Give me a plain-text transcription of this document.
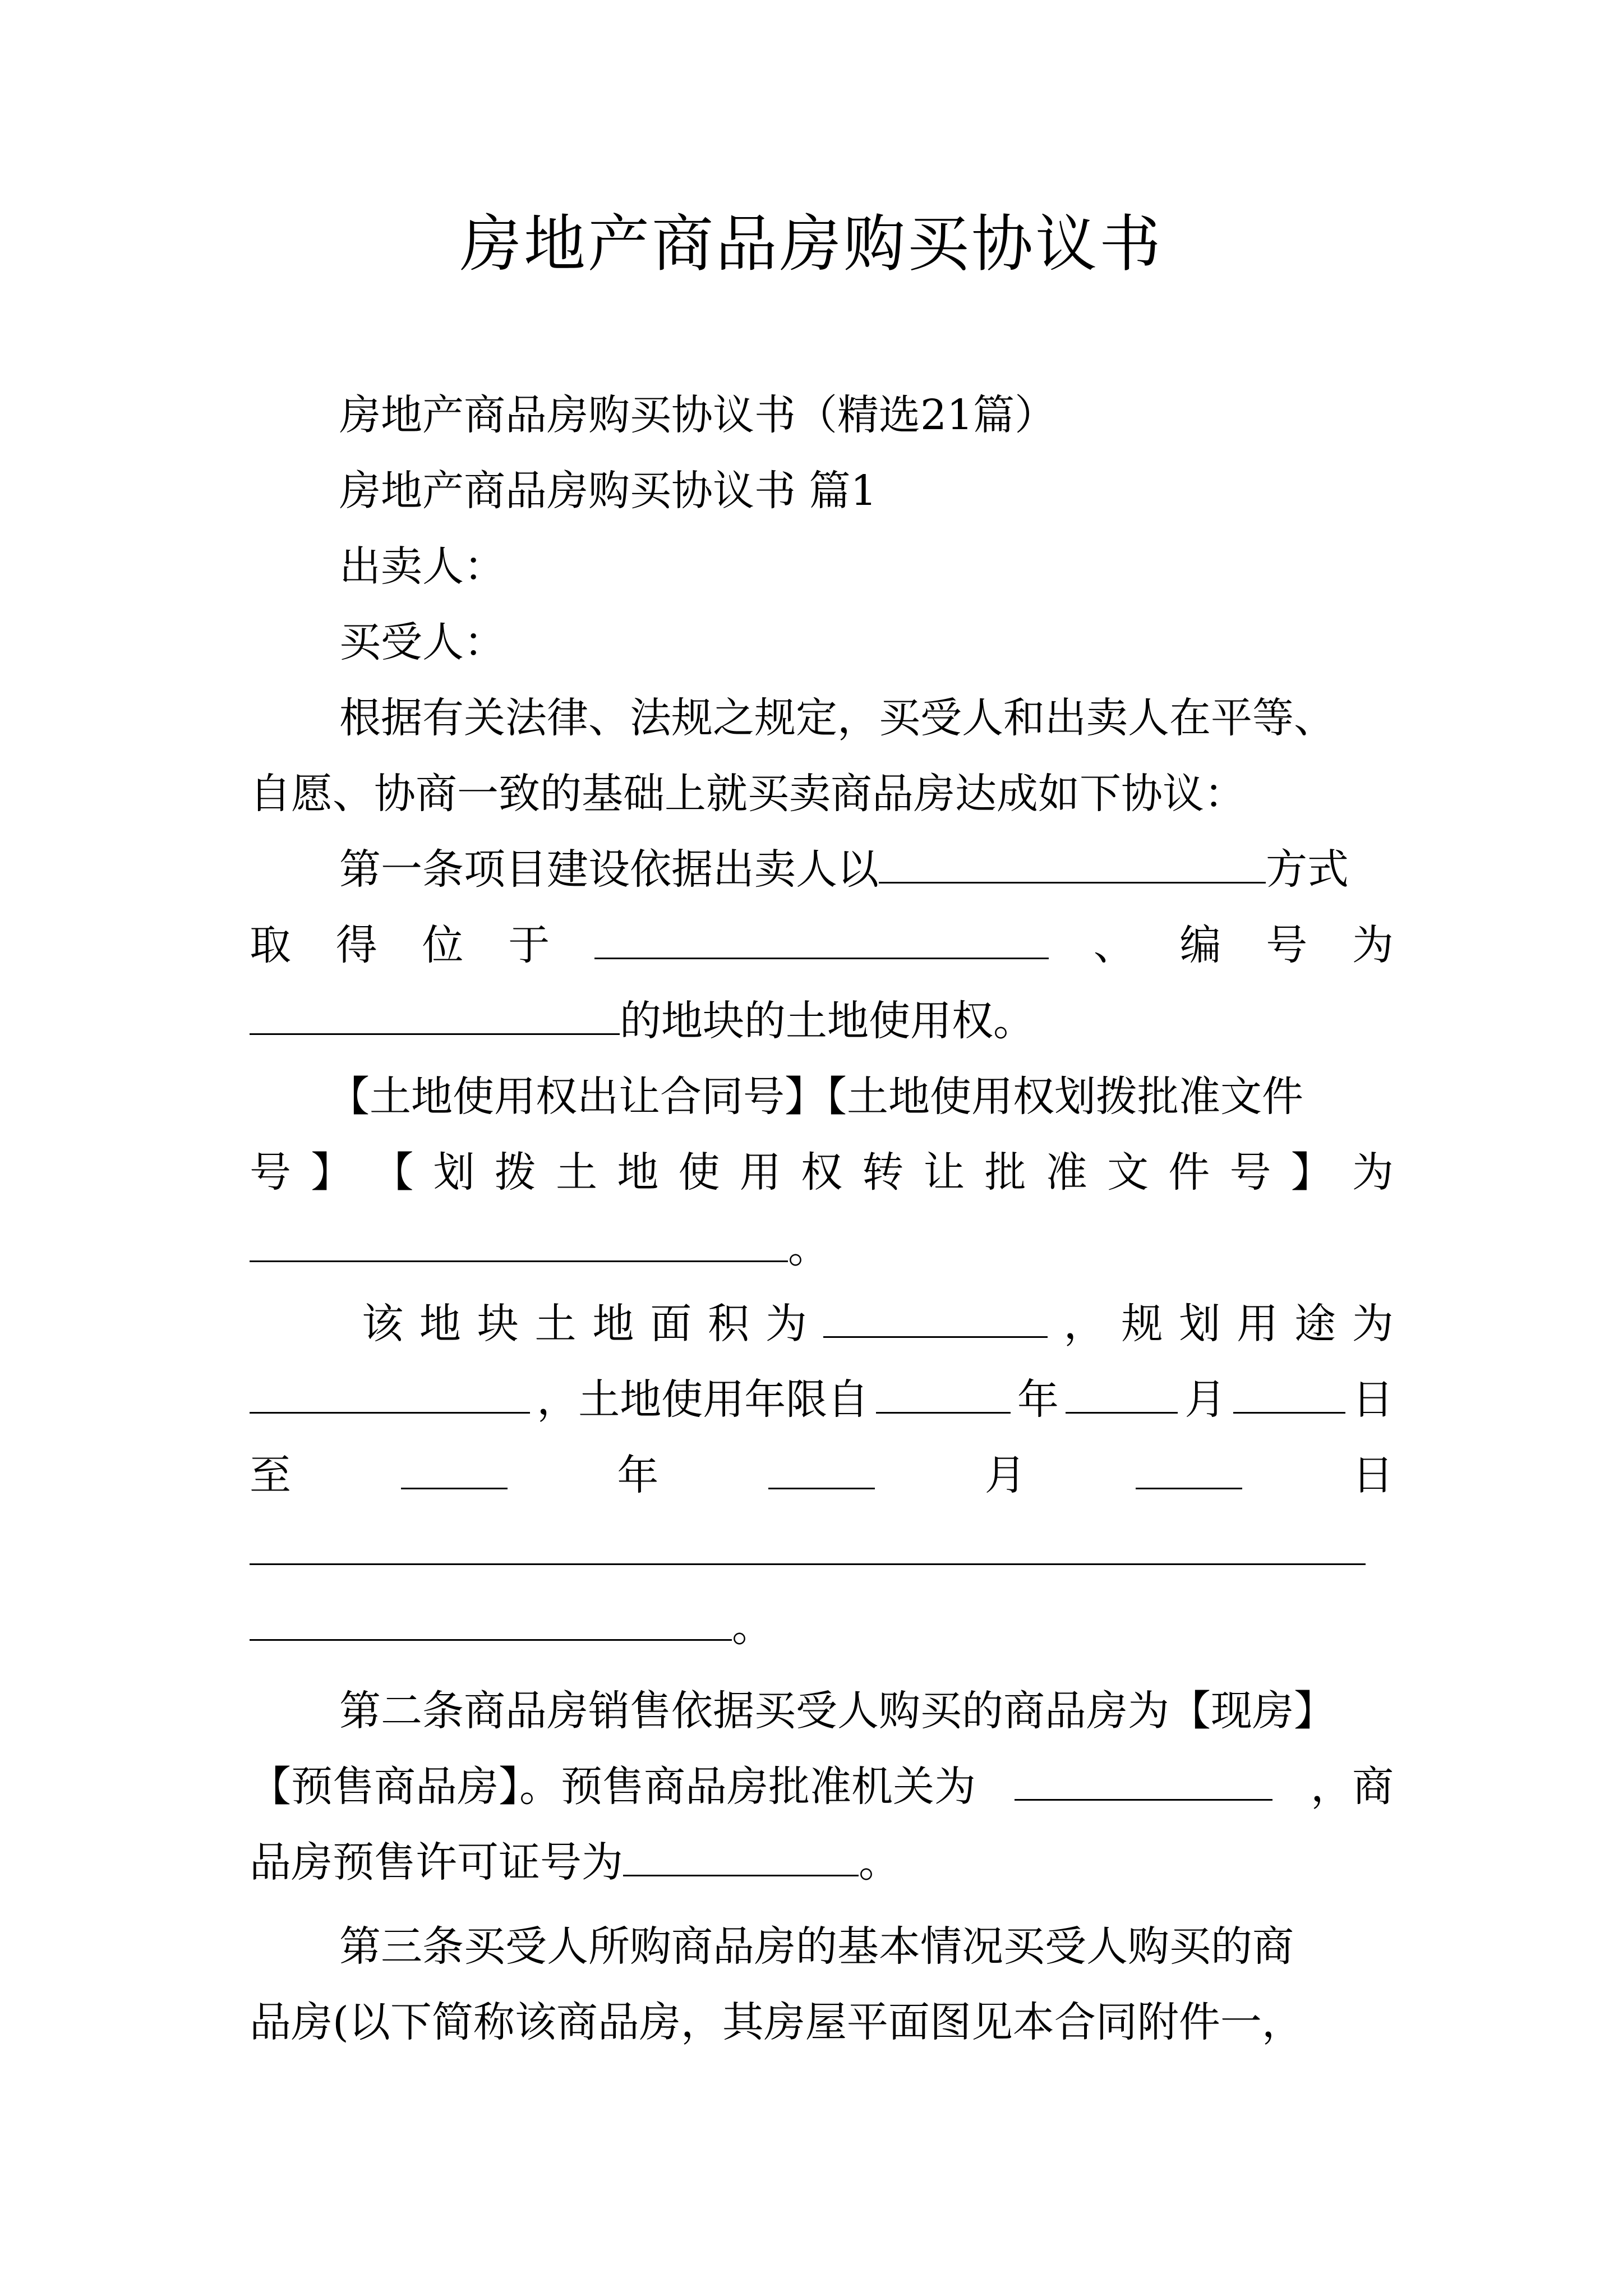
房地产商品房购买协议书
房地产商品房购买协议书（精选21篇）
房地产商品房购买协议书 篇1
出卖人：
买受人：
根据有关法律、法规之规定，买受人和出卖人在平等、
自愿、协商一致的基础上就买卖商品房达成如下协议：
第一条项目建设依据出卖人以	方式
取 得 位 于	、 编 号 为
的地块的土地使用权。
【土地使用权出让合同号】【土地使用权划拨批准文件
号 】 【 划 拨 土 地 使 用 权 转 让 批 准 文 件 号 】 为
。
该 地 块 土 地 面 积 为	， 规 划 用 途 为
，土地使用年限自	年	月	日
至	年	月	日
。
第二条商品房销售依据买受人购买的商品房为【现房】
【预售商品房】。预售商品房批准机关为	，商
品房预售许可证号为	。
第三条买受人所购商品房的基本情况买受人购买的商
品房(以下简称该商品房，其房屋平面图见本合同附件一，
